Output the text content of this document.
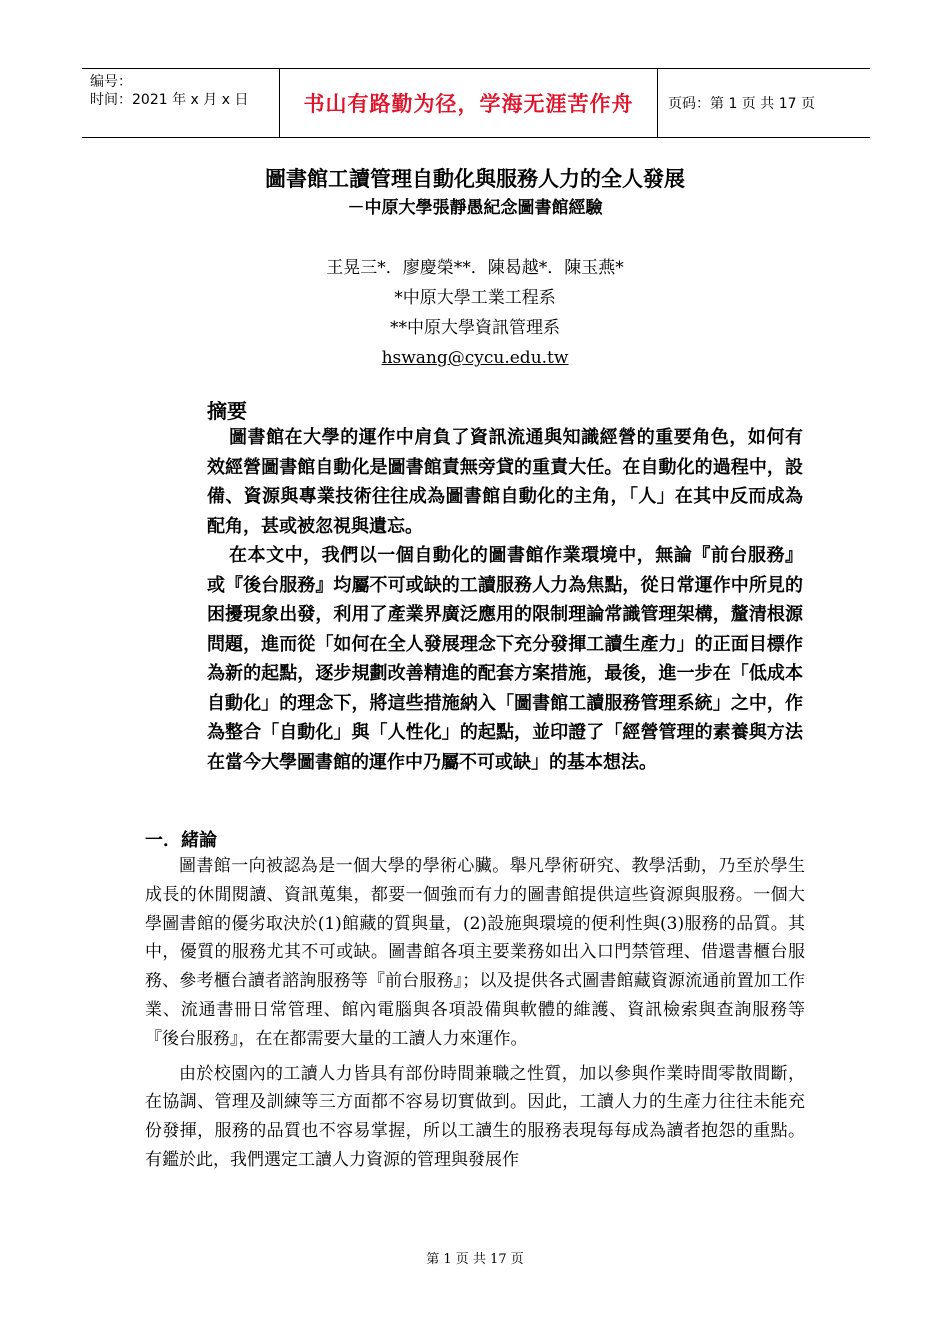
编号：
时间：2021 年 x 月 x 日	书山有路勤为径，学海无涯苦作舟 页码：第 1 页 共 17 页
圖書館工讀管理自動化與服務人力的全人發展
－中原大學張靜愚紀念圖書館經驗
王晃三*．廖慶榮**．陳曷越*．陳玉燕*
*中原大學工業工程系
**中原大學資訊管理系
hswang@cycu.edu.tw
摘要

圖書館在大學的運作中肩負了資訊流通與知識經營的重要角色，如何有效經營圖書館自動化是圖書館責無旁貸的重責大任。在自動化的過程中，設備、資源與專業技術往往成為圖書館自動化的主角，「人」在其中反而成為配角，甚或被忽視與遺忘。

在本文中，我們以一個自動化的圖書館作業環境中，無論『前台服務』或『後台服務』均屬不可或缺的工讀服務人力為焦點，從日常運作中所見的困擾現象出發，利用了產業界廣泛應用的限制理論常識管理架構，釐清根源問題，進而從「如何在全人發展理念下充分發揮工讀生產力」的正面目標作為新的起點，逐步規劃改善精進的配套方案措施，最後，進一步在「低成本自動化」的理念下，將這些措施納入「圖書館工讀服務管理系統」之中，作為整合「自動化」與「人性化」的起點，並印證了「經營管理的素養與方法在當今大學圖書館的運作中乃屬不可或缺」的基本想法。

一．緒論

圖書館一向被認為是一個大學的學術心臟。舉凡學術研究、教學活動，乃至於學生成長的休閒閱讀、資訊蒐集，都要一個強而有力的圖書館提供這些資源與服務。一個大學圖書館的優劣取決於(1)館藏的質與量，(2)設施與環境的便利性與(3)服務的品質。其中，優質的服務尤其不可或缺。圖書館各項主要業務如出入口門禁管理、借還書櫃台服務、參考櫃台讀者諮詢服務等『前台服務』；以及提供各式圖書館藏資源流通前置加工作業、流通書冊日常管理、館內電腦與各項設備與軟體的維護、資訊檢索與查詢服務等『後台服務』，在在都需要大量的工讀人力來運作。

由於校園內的工讀人力皆具有部份時間兼職之性質，加以參與作業時間零散間斷，在協調、管理及訓練等三方面都不容易切實做到。因此，工讀人力的生產力往往未能充份發揮，服務的品質也不容易掌握，所以工讀生的服務表現每每成為讀者抱怨的重點。有鑑於此，我們選定工讀人力資源的管理與發展作

第 1 页 共 17 页
